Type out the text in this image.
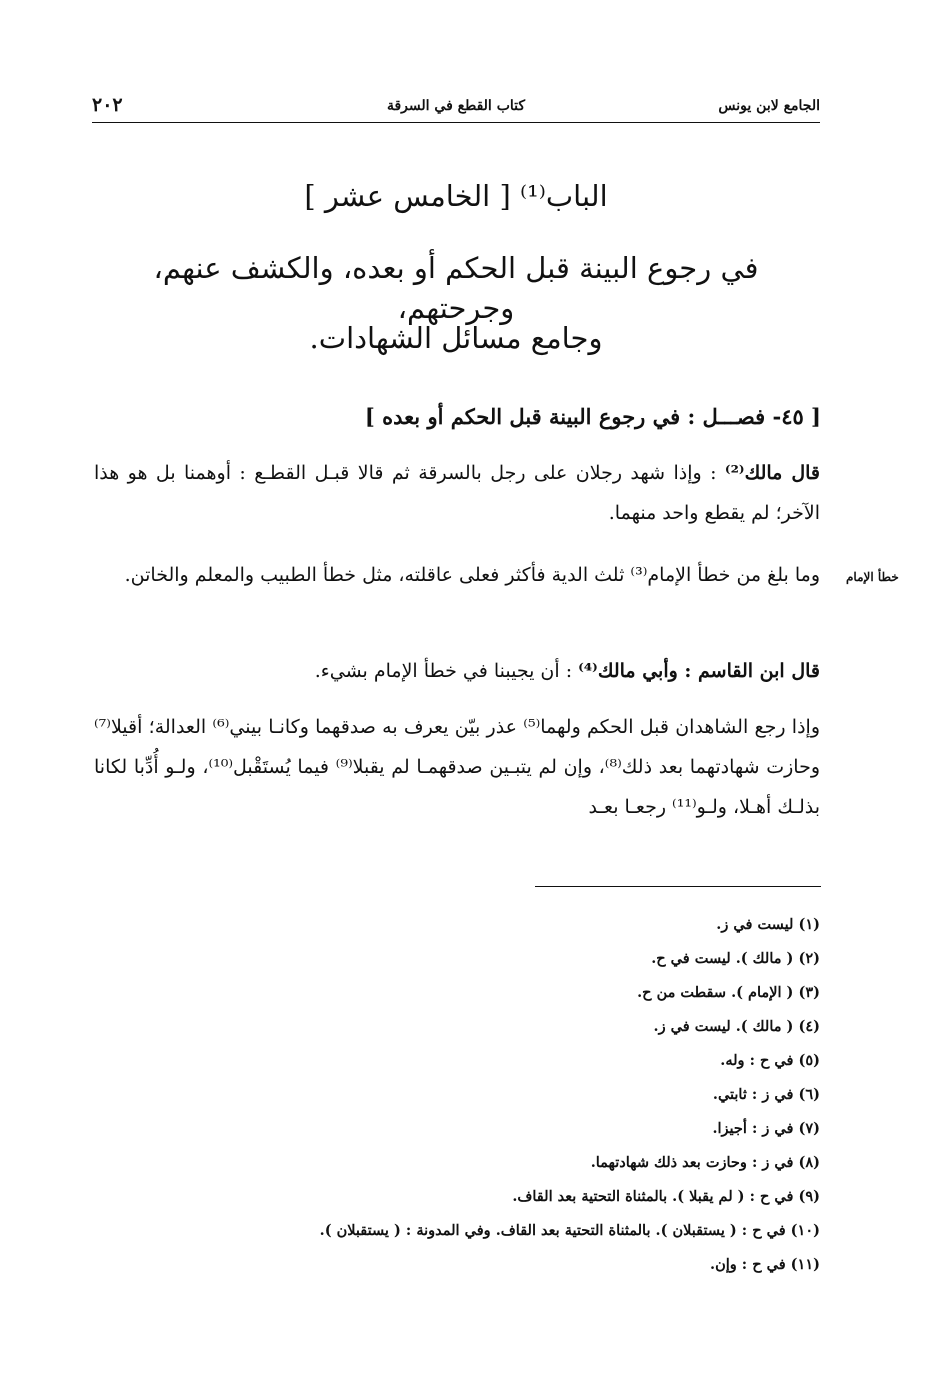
الجامع لابن يونس
كتاب القطع في السرقة
٢٠٢
الباب⁽¹⁾ [ الخامس عشر ]
في رجوع البينة قبل الحكم أو بعده، والكشف عنهم، وجرحتهم،
وجامع مسائل الشهادات.
[ ٤٥- فصـــل : في رجوع البينة قبل الحكم أو بعده ]
قال مالك⁽²⁾ : وإذا شهد رجلان على رجل بالسرقة ثم قالا قبـل القطـع : أوهمنا بل هو هذا الآخر؛ لم يقطع واحد منهما.
خطأ الإمام
وما بلغ من خطأ الإمام⁽³⁾ ثلث الدية فأكثر فعلى عاقلته، مثل خطأ الطبيب والمعلم والخاتن.
قال ابن القاسم : وأبي مالك⁽⁴⁾ : أن يجيبنا في خطأ الإمام بشيء.
وإذا رجع الشاهدان قبل الحكم ولهما⁽⁵⁾ عذر بيّن يعرف به صدقهما وكانـا بيني⁽⁶⁾ العدالة؛ أقيلا⁽⁷⁾ وحازت شهادتهما بعد ذلك⁽⁸⁾، وإن لم يتبـين صدقهمـا لم يقبلا⁽⁹⁾ فيما يُستَقْبل⁽¹⁰⁾، ولـو أُدِّبا لكانا بذلـك أهـلا، ولـو⁽¹¹⁾ رجعـا بعـد
(١) ليست في ز.
(٢) ( مالك ). ليست في ح.
(٣) ( الإمام ). سقطت من ح.
(٤) ( مالك ). ليست في ز.
(٥) في ح : وله.
(٦) في ز : ثابتي.
(٧) في ز : أجيزا.
(٨) في ز : وحازت بعد ذلك شهادتهما.
(٩) في ح : ( لم يقبلا ). بالمثناة التحتية بعد القاف.
(١٠) في ح : ( يستقبلان ). بالمثناة التحتية بعد القاف. وفي المدونة : ( يستقبلان ).
(١١) في ح : وإن.
